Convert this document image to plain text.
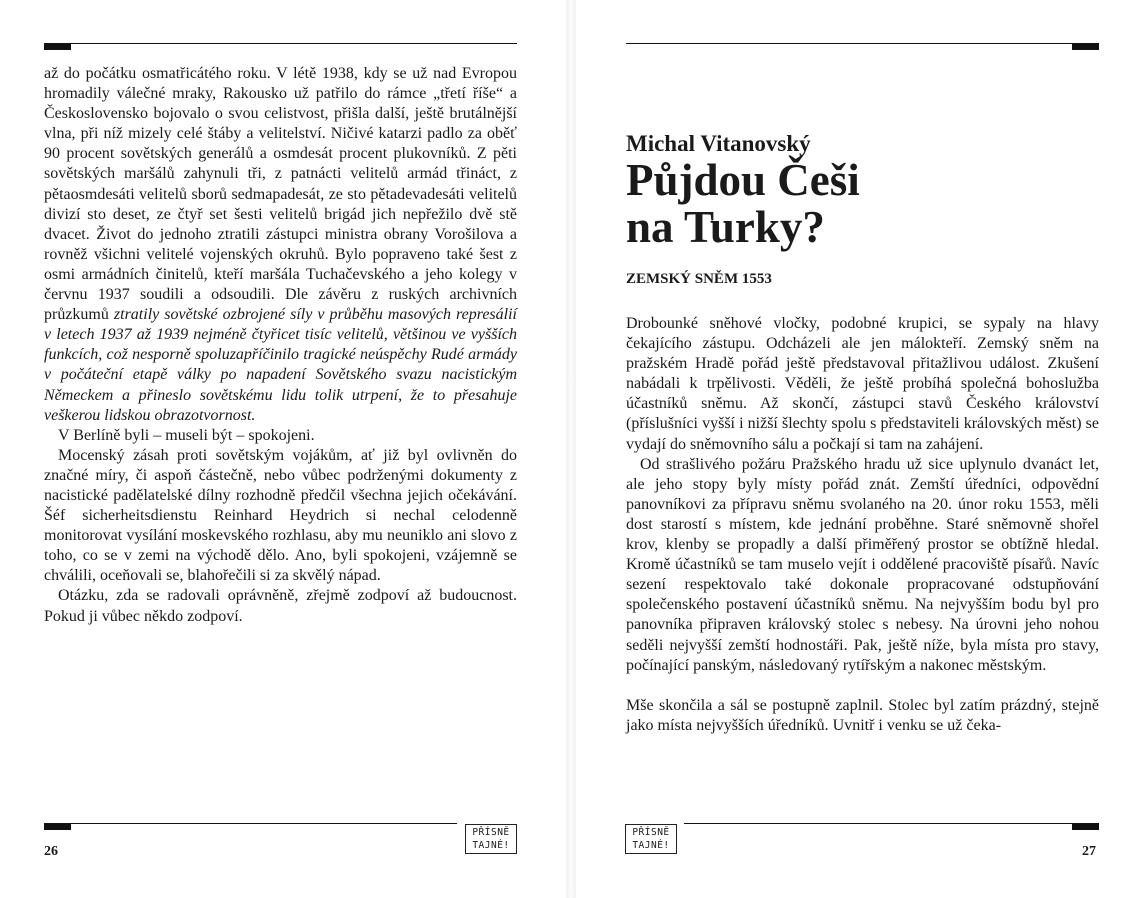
až do počátku osmatřicátého roku. V létě 1938, kdy se už nad Evropou hromadily válečné mraky, Rakousko už patřilo do rámce „třetí říše“ a Československo bojovalo o svou celistvost, přišla další, ještě brutálnější vlna, při níž mizely celé štáby a velitelství. Ničivé katarzi padlo za oběť 90 procent sovětských generálů a osmdesát procent plukovníků. Z pěti sovětských maršálů zahynuli tři, z patnácti velitelů armád třináct, z pětaosmdesáti velitelů sborů sedmapadesát, ze sto pětadevadesáti velitelů divizí sto deset, ze čtyř set šesti velitelů brigád jich nepřežilo dvě stě dvacet. Život do jednoho ztratili zástupci ministra obrany Vorošilova a rovněž všichni velitelé vojenských okruhů. Bylo popraveno také šest z osmi armádních činitelů, kteří maršála Tuchačevského a jeho kolegy v červnu 1937 soudili a odsoudili. Dle závěru z ruských archivních průzkumů ztratily sovětské ozbrojené síly v průběhu masových represálií v letech 1937 až 1939 nejméně čtyřicet tisíc velitelů, většinou ve vyšších funkcích, což nesporně spoluzapříčinilo tragické neúspěchy Rudé armády v počáteční etapě války po napadení Sovětského svazu nacistickým Německem a přineslo sovětskému lidu tolik utrpení, že to přesahuje veškerou lidskou obrazotvornost.

V Berlíně byli – museli být – spokojeni.

Mocenský zásah proti sovětským vojákům, ať již byl ovlivněn do značné míry, či aspoň částečně, nebo vůbec podrženými dokumenty z nacistické padělatelské dílny rozhodně předčil všechna jejich očekávání. Šéf sicherheitsdienstu Reinhard Heydrich si nechal celodenně monitorovat vysílání moskevského rozhlasu, aby mu neuniklo ani slovo z toho, co se v zemi na východě dělo. Ano, byli spokojeni, vzájemně se chválili, oceňovali se, blahořečili si za skvělý nápad.

Otázku, zda se radovali oprávněně, zřejmě zodpoví až budoucnost. Pokud ji vůbec někdo zodpoví.

PŘÍSNĚ
TAJNÉ!
26
Michal Vitanovský
Půjdou Češi
na Turky?
ZEMSKÝ SNĚM 1553

Drobounké sněhové vločky, podobné krupici, se sypaly na hlavy čekajícího zástupu. Odcházeli ale jen málokteří. Zemský sněm na pražském Hradě pořád ještě představoval přitažlivou událost. Zkušení nabádali k trpělivosti. Věděli, že ještě probíhá společná bohoslužba účastníků sněmu. Až skončí, zástupci stavů Českého království (příslušníci vyšší i nižší šlechty spolu s představiteli královských měst) se vydají do sněmovního sálu a počkají si tam na zahájení.

Od strašlivého požáru Pražského hradu už sice uplynulo dvanáct let, ale jeho stopy byly místy pořád znát. Zemští úředníci, odpovědní panovníkovi za přípravu sněmu svolaného na 20. únor roku 1553, měli dost starostí s místem, kde jednání proběhne. Staré sněmovně shořel krov, klenby se propadly a další přiměřený prostor se obtížně hledal. Kromě účastníků se tam muselo vejít i oddělené pracoviště písařů. Navíc sezení respektovalo také dokonale propracované odstupňování společenského postavení účastníků sněmu. Na nejvyšším bodu byl pro panovníka připraven královský stolec s nebesy. Na úrovni jeho nohou seděli nejvyšší zemští hodnostáři. Pak, ještě níže, byla místa pro stavy, počínající panským, následovaný rytířským a nakonec městským.

Mše skončila a sál se postupně zaplnil. Stolec byl zatím prázdný, stejně jako místa nejvyšších úředníků. Uvnitř i venku se už čeka-

PŘÍSNĚ
TAJNÉ!	27
